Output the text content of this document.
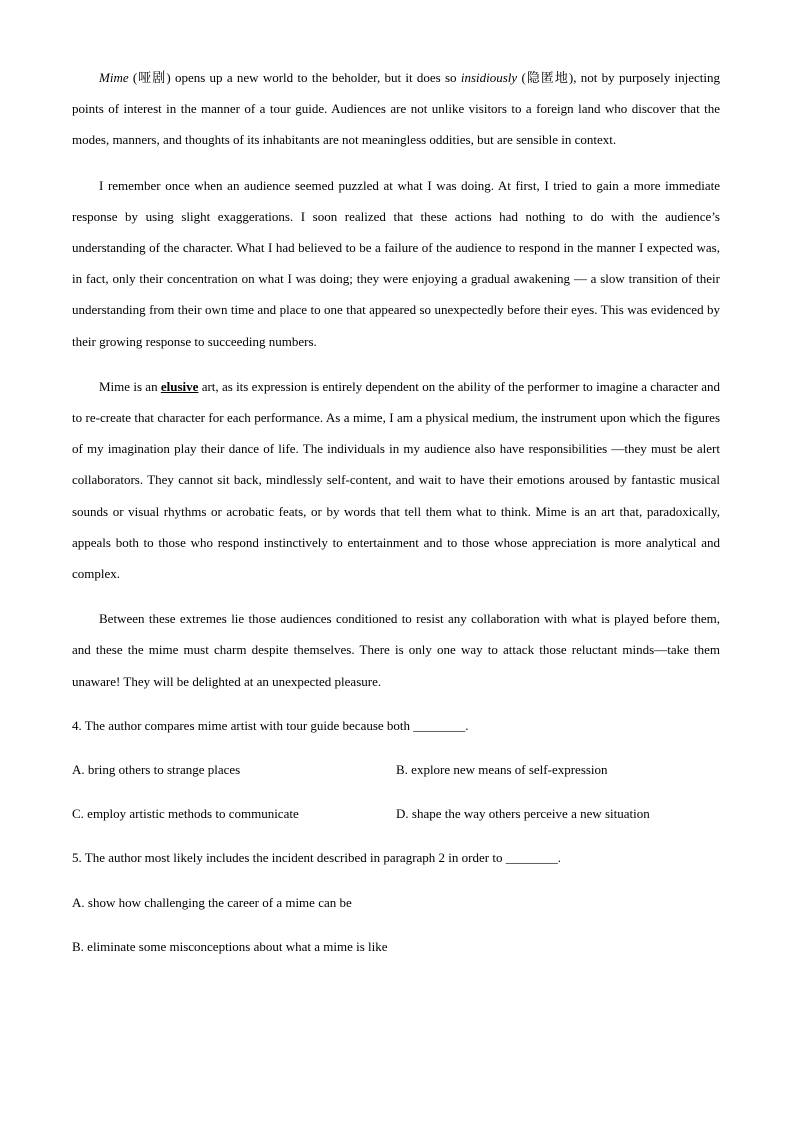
Mime (哑剧) opens up a new world to the beholder, but it does so insidiously (隐匿地), not by purposely injecting points of interest in the manner of a tour guide. Audiences are not unlike visitors to a foreign land who discover that the modes, manners, and thoughts of its inhabitants are not meaningless oddities, but are sensible in context.

I remember once when an audience seemed puzzled at what I was doing. At first, I tried to gain a more immediate response by using slight exaggerations. I soon realized that these actions had nothing to do with the audience’s understanding of the character. What I had believed to be a failure of the audience to respond in the manner I expected was, in fact, only their concentration on what I was doing; they were enjoying a gradual awakening — a slow transition of their understanding from their own time and place to one that appeared so unexpectedly before their eyes. This was evidenced by their growing response to succeeding numbers.

Mime is an elusive art, as its expression is entirely dependent on the ability of the performer to imagine a character and to re-create that character for each performance. As a mime, I am a physical medium, the instrument upon which the figures of my imagination play their dance of life. The individuals in my audience also have responsibilities —they must be alert collaborators. They cannot sit back, mindlessly self-content, and wait to have their emotions aroused by fantastic musical sounds or visual rhythms or acrobatic feats, or by words that tell them what to think. Mime is an art that, paradoxically, appeals both to those who respond instinctively to entertainment and to those whose appreciation is more analytical and complex.

Between these extremes lie those audiences conditioned to resist any collaboration with what is played before them, and these the mime must charm despite themselves. There is only one way to attack those reluctant minds—take them unaware! They will be delighted at an unexpected pleasure.

4. The author compares mime artist with tour guide because both ________.

A. bring others to strange places	B. explore new means of self-expression
C. employ artistic methods to communicate	D. shape the way others perceive a new situation

5. The author most likely includes the incident described in paragraph 2 in order to ________.

A. show how challenging the career of a mime can be

B. eliminate some misconceptions about what a mime is like
